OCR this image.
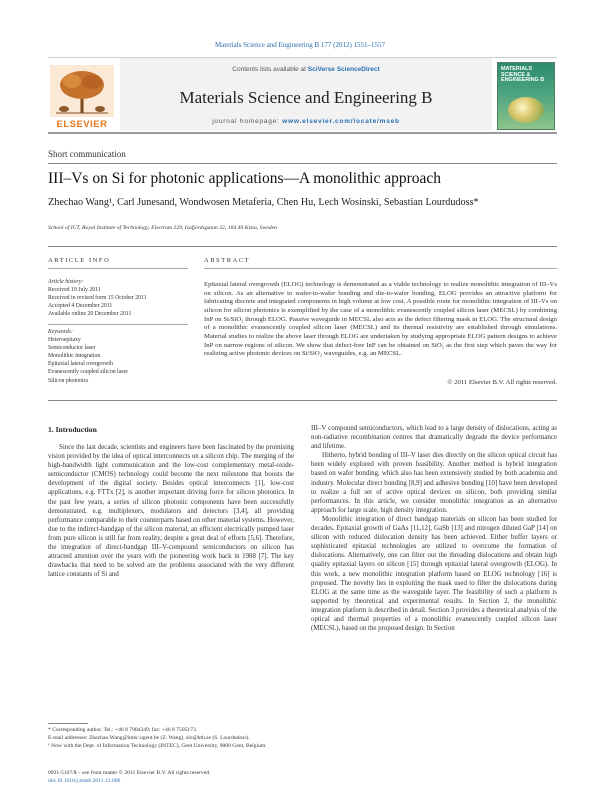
Materials Science and Engineering B 177 (2012) 1551–1557
ELSEVIER
Contents lists available at SciVerse ScienceDirect
Materials Science and Engineering B
journal homepage: www.elsevier.com/locate/mseb
MATERIALS SCIENCE & ENGINEERING B
Short communication
III–Vs on Si for photonic applications—A monolithic approach
Zhechao Wang¹, Carl Junesand, Wondwosen Metaferia, Chen Hu, Lech Wosinski, Sebastian Lourdudoss*
School of ICT, Royal Institute of Technology, Electrum 229, Isafjordsgatan 22, 164 40 Kista, Sweden
ARTICLE INFO	ABSTRACT
Article history:
Received 19 July 2011
Received in revised form 15 October 2011
Accepted 4 December 2011
Available online 20 December 2011
Keywords:
Heteroepitaxy
Semiconductor laser
Monolithic integration
Epitaxial lateral overgrowth
Evanescently coupled silicon laser
Silicon photonics
Epitaxial lateral overgrowth (ELOG) technology is demonstrated as a viable technology to realize monolithic integration of III–Vs on silicon. As an alternative to wafer-to-wafer bonding and die-to-wafer bonding, ELOG provides an attractive platform for fabricating discrete and integrated components in high volume at low cost. A possible route for monolithic integration of III–Vs on silicon for silicon photonics is exemplified by the case of a monolithic evanescently coupled silicon laser (MECSL) by combining InP on Si/SiO₂ through ELOG. Passive waveguide in MECSL also acts as the defect filtering mask in ELOG. The structural design of a monolithic evanescently coupled silicon laser (MECSL) and its thermal resistivity are established through simulations. Material studies to realize the above laser through ELOG are undertaken by studying appropriate ELOG pattern designs to achieve InP on narrow regions of silicon. We show that defect-free InP can be obtained on SiO₂ as the first step which paves the way for realizing active photonic devices on Si/SiO₂ waveguides, e.g. an MECSL.
© 2011 Elsevier B.V. All rights reserved.
1. Introduction

Since the last decade, scientists and engineers have been fascinated by the promising vision provided by the idea of optical interconnects on a silicon chip. The merging of the high-bandwidth light communication and the low-cost complementary metal-oxide-semiconductor (CMOS) technology could become the next milestone that boosts the development of the digital society. Besides optical interconnects [1], low-cost applications, e.g. FTTx [2], is another important driving force for silicon photonics. In the past few years, a series of silicon photonic components have been successfully demonstrated, e.g. multiplexers, modulators and detectors [3,4], all providing performance comparable to their counterparts based on other material systems. However, due to the indirect-bandgap of the silicon material, an efficient electrically pumped laser from pure silicon is still far from reality, despite a great deal of efforts [5,6]. Therefore, the integration of direct-bandgap III–V-compound semiconductors on silicon has attracted attention over the years with the pioneering work back in 1988 [7]. The key drawbacks that need to be solved are the problems associated with the very different lattice constants of Si and

III–V compound semiconductors, which lead to a large density of dislocations, acting as non-radiative recombination centres that dramatically degrade the device performance and lifetime.

Hitherto, hybrid bonding of III–V laser dies directly on the silicon optical circuit has been widely explored with proven feasibility. Another method is hybrid integration based on wafer bonding, which also has been extensively studied by both academia and industry. Molecular direct bonding [8,9] and adhesive bonding [10] have been developed to realize a full set of active optical devices on silicon, both providing similar performances. In this article, we consider monolithic integration as an alternative approach for large scale, high density integration.

Monolithic integration of direct bandgap materials on silicon has been studied for decades. Epitaxial growth of GaAs [11,12], GaSb [13] and nitrogen diluted GaP [14] on silicon with reduced dislocation density has been achieved. Either buffer layers or sophisticated epitaxial technologies are utilized to overcome the formation of dislocations. Alternatively, one can filter out the threading dislocations and obtain high quality epitaxial layers on silicon [15] through epitaxial lateral overgrowth (ELOG). In this work, a new monolithic integration platform based on ELOG technology [16] is proposed. The novelty lies in exploiting the mask used to filter the dislocations during ELOG at the same time as the waveguide layer. The feasibility of such a platform is supported by theoretical and experimental results. In Section 2, the monolithic integration platform is described in detail. Section 3 provides a theoretical analysis of the optical and thermal properties of a monolithic evanescently coupled silicon laser (MECSL), based on the proposed design. In Section

* Corresponding author. Tel.: +46 8 7904349; fax: +46 8 7505173.
E-mail addresses: Zhechao.Wang@intec.ugent.be (Z. Wang), slo@kth.se (S. Lourdudoss).
¹ Now with the Dept. of Information Technology (INTEC), Gent University, 9000 Gent, Belgium.
0921-5107/$ – see front matter © 2011 Elsevier B.V. All rights reserved.
doi:10.1016/j.mseb.2011.12.006
